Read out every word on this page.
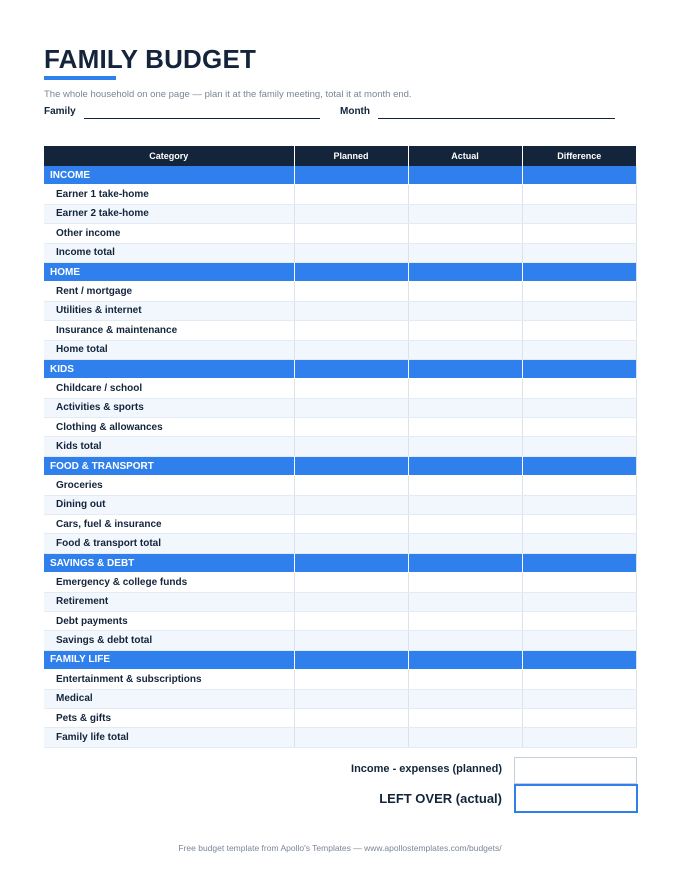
FAMILY BUDGET
The whole household on one page — plan it at the family meeting, total it at month end.
Family	Month
Category	Planned	Actual	Difference
INCOME			
Earner 1 take-home			
Earner 2 take-home			
Other income			
Income total			
HOME			
Rent / mortgage			
Utilities & internet			
Insurance & maintenance			
Home total			
KIDS			
Childcare / school			
Activities & sports			
Clothing & allowances			
Kids total			
FOOD & TRANSPORT			
Groceries			
Dining out			
Cars, fuel & insurance			
Food & transport total			
SAVINGS & DEBT			
Emergency & college funds			
Retirement			
Debt payments			
Savings & debt total			
FAMILY LIFE			
Entertainment & subscriptions			
Medical			
Pets & gifts			
Family life total			
Income - expenses (planned)
LEFT OVER (actual)
Free budget template from Apollo's Templates — www.apollostemplates.com/budgets/
